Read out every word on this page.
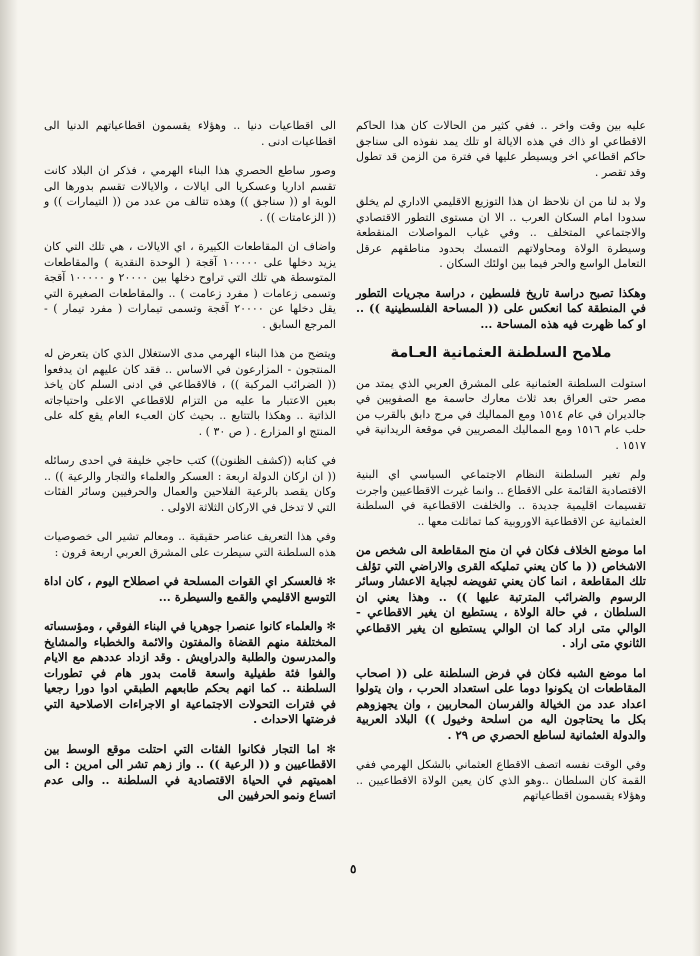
عليه بين وقت واخر .. ففي كثير من الحالات كان هذا الحاكم الاقطاعي او ذاك في هذه الايالة او تلك يمد نفوذه الى سناجق حاكم اقطاعي اخر ويسيطر عليها في فترة من الزمن قد تطول وقد تقصر .

ولا بد لنا من ان نلاحظ ان هذا التوزيع الاقليمي الاداري لم يخلق سدودا امام السكان العرب .. الا ان مستوى التطور الاقتصادي والاجتماعي المتخلف .. وفي غياب المواصلات المنقطعة وسيطرة الولاة ومحاولاتهم التمسك بحدود مناطقهم عرقل التعامل الواسع والحر فيما بين اولئك السكان .

وهكذا تصبح دراسة تاريخ فلسطين ، دراسة مجريات التطور في المنطقة كما انعكس على (( المساحة الفلسطينية )) .. او كما ظهرت فيه هذه المساحة ...

ملامح السلطنة العثمانية العـامة

استولت السلطنة العثمانية على المشرق العربي الذي يمتد من مصر حتى العراق بعد ثلاث معارك حاسمة مع الصفويين في جالديران في عام ١٥١٤ ومع المماليك في مرج دابق بالقرب من حلب عام ١٥١٦ ومع المماليك المصريين في موقعة الريدانية في ١٥١٧ .

ولم تغير السلطنة النظام الاجتماعي السياسي اي البنية الاقتصادية القائمة على الاقطاع .. وانما غيرت الاقطاعيين واجرت تقسيمات اقليمية جديدة .. والخلفت الاقطاعية في السلطنة العثمانية عن الاقطاعية الاوروبية كما تماثلت معها ..

اما موضع الخلاف فكان في ان منح المقاطعة الى شخص من الاشخاص (( ما كان يعني تمليكه القرى والاراضي التي تؤلف تلك المقاطعة ، انما كان يعني تفويضه لجباية الاعشار وسائر الرسوم والضرائب المترتبة عليها )) .. وهذا يعني ان السلطان ، في حالة الولاة ، يستطيع ان يغير الاقطاعي - الوالي متى اراد كما ان الوالي يستطيع ان يغير الاقطاعي الثانوي متى اراد .

اما موضع الشبه فكان في فرض السلطنة على (( اصحاب المقاطعات ان يكونوا دوما على استعداد الحرب ، وان يتولوا اعداد عدد من الخيالة والفرسان المحاربين ، وان يجهزوهم بكل ما يحتاجون اليه من اسلحة وخيول )) البلاد العربية والدولة العثمانية لساطع الحصري ص ٢٩ .

وفي الوقت نفسه اتصف الاقطاع العثماني بالشكل الهرمي ففي القمة كان السلطان ..وهو الذي كان يعين الولاة الاقطاعيين .. وهؤلاء يقسمون اقطاعياتهم

الى اقطاعيات دنيا .. وهؤلاء يقسمون اقطاعياتهم الدنيا الى اقطاعيات ادنى .

وصور ساطع الحصري هذا البناء الهرمي ، فذكر ان البلاد كانت تقسم اداريا وعسكريا الى ايالات ، والايالات تقسم بدورها الى الوية او (( سناجق )) وهذه تتالف من عدد من (( التيمارات )) و (( الزعامتات )) .

واضاف ان المقاطعات الكبيرة ، اي الايالات ، هي تلك التي كان يزيد دخلها على ١٠٠٠٠٠ آقجة ( الوحدة النقدية ) والمقاطعات المتوسطة هي تلك التي تراوح دخلها بين ٢٠٠٠٠ و ١٠٠٠٠٠ آقجة وتسمى زعامات ( مفرد زعامت ) .. والمقاطعات الصغيرة التي يقل دخلها عن ٢٠٠٠٠ آقجة وتسمى تيمارات ( مفرد تيمار ) - المرجع السابق .

ويتضح من هذا البناء الهرمي مدى الاستغلال الذي كان يتعرض له المنتجون - المزارعون في الاساس .. فقد كان عليهم ان يدفعوا (( الضرائب المركبة )) ، فالاقطاعي في ادنى السلم كان ياخذ بعين الاعتبار ما عليه من التزام للاقطاعي الاعلى واحتياجاته الذاتية .. وهكذا بالتتابع .. بحيث كان العبء العام يقع كله على المنتج او المزارع . ( ص ٣٠ ) .

في كتابه ((كشف الظنون)) كتب حاجي خليفة في احدى رسائله (( ان اركان الدولة اربعة : العسكر والعلماء والتجار والرعية )) .. وكان يقصد بالرعية الفلاحين والعمال والحرفيين وسائر الفئات التي لا تدخل في الاركان الثلاثة الاولى .

وفي هذا التعريف عناصر حقيقية .. ومعالم تشير الى خصوصيات هذه السلطنة التي سيطرت على المشرق العربي اربعة قرون :

✻ فالعسكر اي القوات المسلحة في اصطلاح اليوم ، كان اداة التوسع الاقليمي والقمع والسيطرة ...
✻ والعلماء كانوا عنصرا جوهريا في البناء الفوقي ، ومؤسساته المختلفة منهم القضاة والمفتون والائمة والخطباء والمشايخ والمدرسون والطلبة والدراويش . وقد ازداد عددهم مع الايام والفوا فئة طفيلية واسعة قامت بدور هام في تطورات السلطنة .. كما انهم بحكم طابعهم الطبقي ادوا دورا رجعيا في فترات التحولات الاجتماعية او الاجراءات الاصلاحية التي فرضتها الاحداث .
✻ اما التجار فكانوا الفئات التي احتلت موقع الوسط بين الاقطاعيين و (( الرعية )) .. واز زهم تشر الى امرين : الى اهميتهم في الحياة الاقتصادية في السلطنة .. والى عدم اتساع ونمو الحرفيين الى
٥
